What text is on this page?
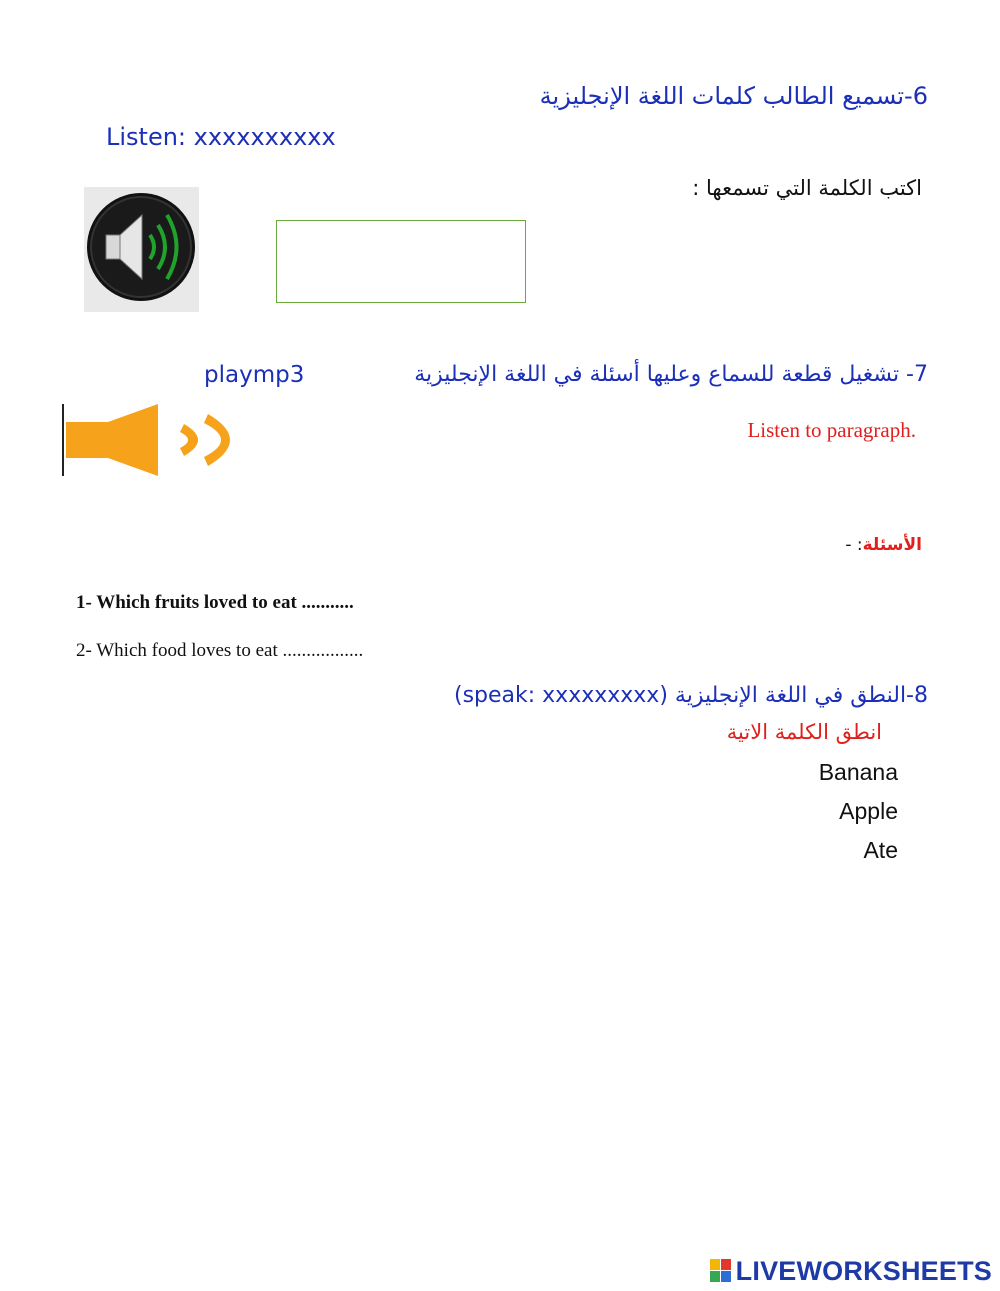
6-تسميع الطالب كلمات اللغة الإنجليزية
Listen: xxxxxxxxxx
اكتب الكلمة التي تسمعها :
7- تشغيل قطعة للسماع وعليها أسئلة في اللغة الإنجليزية
playmp3
Listen to paragraph.
الأسئلة: -
1- Which fruits loved to eat ...........
2- Which food loves to eat .................
8-النطق في اللغة الإنجليزية (speak: xxxxxxxxx)
انطق الكلمة الاتية
Banana
Apple
Ate
LIVEWORKSHEETS
